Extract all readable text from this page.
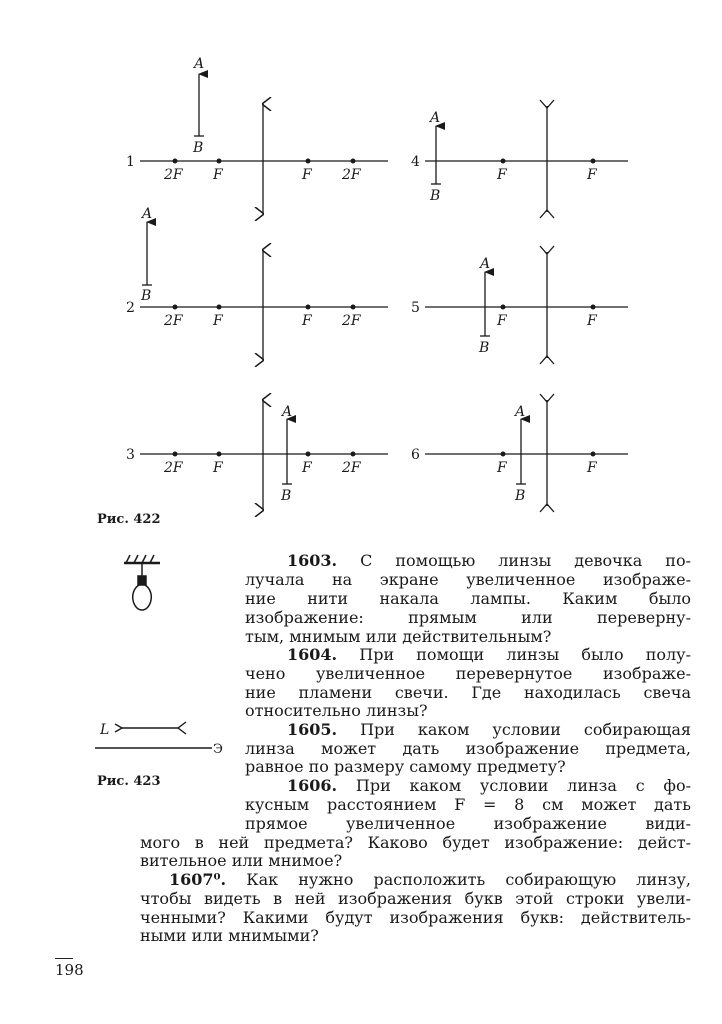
1
2
3
4
5
6
2F F	F 2F
2F F	F 2F
2F F	F 2F
F	F
F	F
F	F
A
B
A
B
A
B
A
B
A
B
A
B
L
Э
Рис. 422
Рис. 423
1603. С помощью линзы девочка по-
лучала на экране увеличенное изображе-
ние нити накала лампы. Каким было
изображение: прямым или переверну-
тым, мнимым или действительным?
1604. При помощи линзы было полу-
чено увеличенное перевернутое изображе-
ние пламени свечи. Где находилась свеча
относительно линзы?
1605. При каком условии собирающая
линза может дать изображение предмета,
равное по размеру самому предмету?
1606. При каком условии линза с фо-
кусным расстоянием F = 8 см может дать
прямое увеличенное изображение види-
мого в ней предмета? Каково будет изображение: дейст-
вительное или мнимое?
1607⁰. Как нужно расположить собирающую линзу,
чтобы видеть в ней изображения букв этой строки увели-
ченными? Какими будут изображения букв: действитель-
ными или мнимыми?
198
